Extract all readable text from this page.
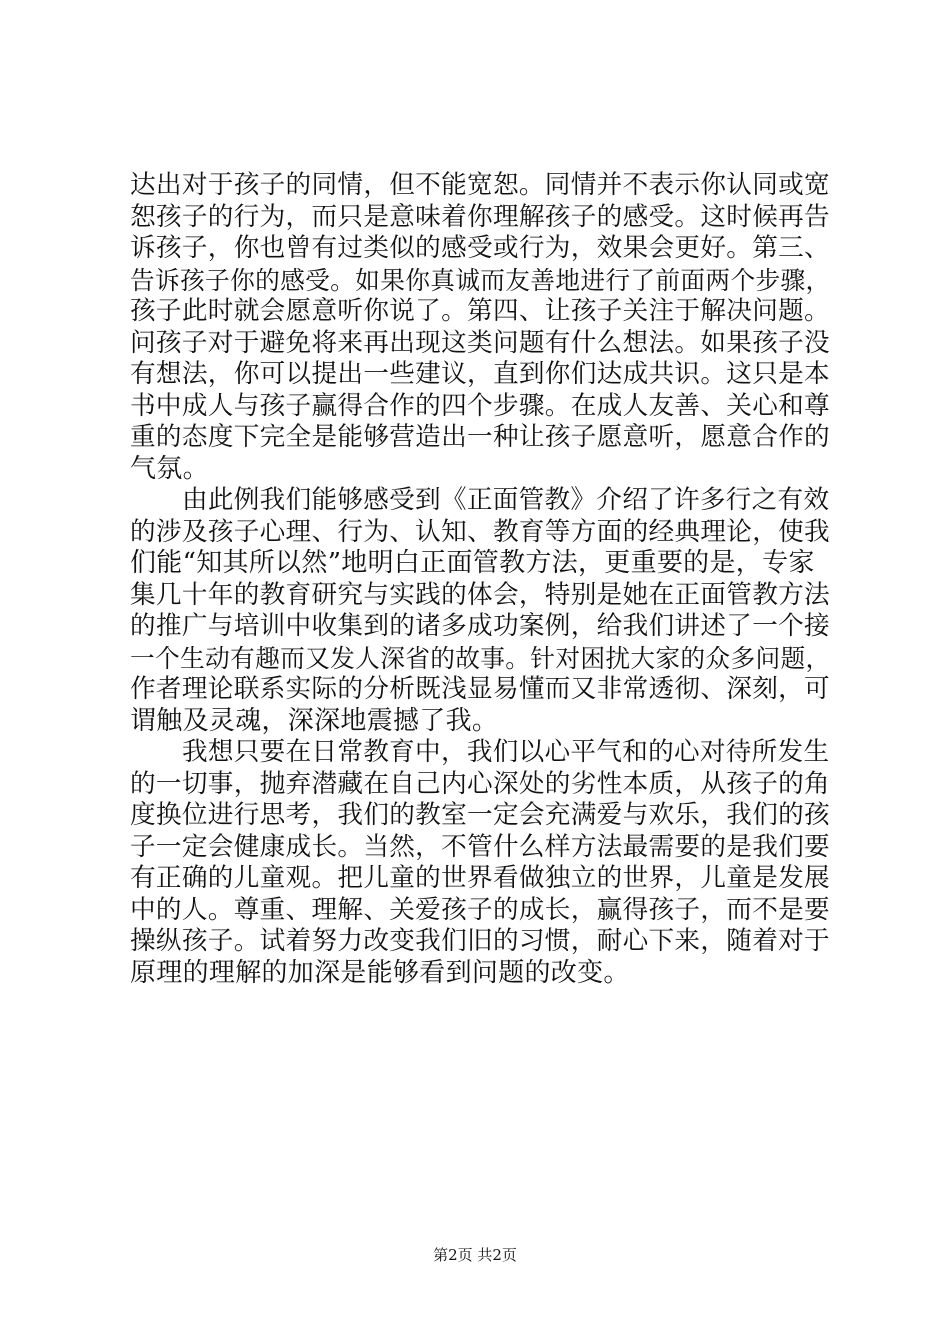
达出对于孩子的同情，但不能宽恕。同情并不表示你认同或宽
恕孩子的行为，而只是意味着你理解孩子的感受。这时候再告
诉孩子，你也曾有过类似的感受或行为，效果会更好。第三、
告诉孩子你的感受。如果你真诚而友善地进行了前面两个步骤，
孩子此时就会愿意听你说了。第四、让孩子关注于解决问题。
问孩子对于避免将来再出现这类问题有什么想法。如果孩子没
有想法，你可以提出一些建议，直到你们达成共识。这只是本
书中成人与孩子赢得合作的四个步骤。在成人友善、关心和尊
重的态度下完全是能够营造出一种让孩子愿意听，愿意合作的
气氛。
由此例我们能够感受到《正面管教》介绍了许多行之有效
的涉及孩子心理、行为、认知、教育等方面的经典理论，使我
们能“知其所以然”地明白正面管教方法，更重要的是，专家
集几十年的教育研究与实践的体会，特别是她在正面管教方法
的推广与培训中收集到的诸多成功案例，给我们讲述了一个接
一个生动有趣而又发人深省的故事。针对困扰大家的众多问题，
作者理论联系实际的分析既浅显易懂而又非常透彻、深刻，可
谓触及灵魂，深深地震撼了我。
我想只要在日常教育中，我们以心平气和的心对待所发生
的一切事，抛弃潜藏在自己内心深处的劣性本质，从孩子的角
度换位进行思考，我们的教室一定会充满爱与欢乐，我们的孩
子一定会健康成长。当然，不管什么样方法最需要的是我们要
有正确的儿童观。把儿童的世界看做独立的世界，儿童是发展
中的人。尊重、理解、关爱孩子的成长，赢得孩子，而不是要
操纵孩子。试着努力改变我们旧的习惯，耐心下来，随着对于
原理的理解的加深是能够看到问题的改变。
第2页 共2页
